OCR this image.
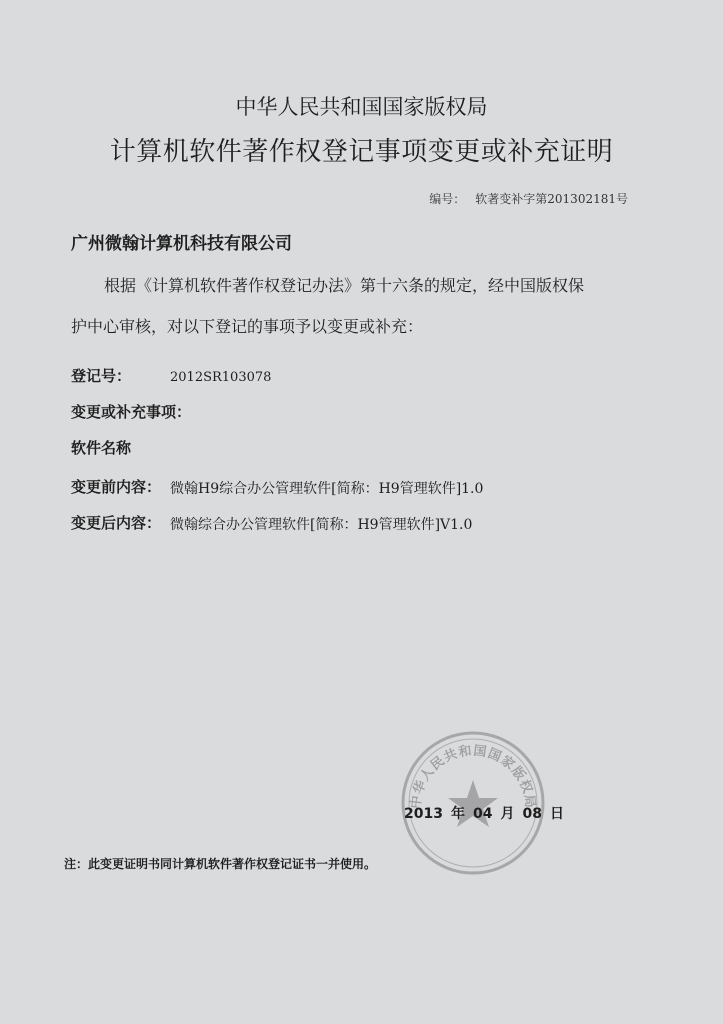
中华人民共和国国家版权局
计算机软件著作权登记事项变更或补充证明
编号： 软著变补字第201302181号
广州微翰计算机科技有限公司
根据《计算机软件著作权登记办法》第十六条的规定，经中国版权保
护中心审核，对以下登记的事项予以变更或补充：
登记号：	2012SR103078
变更或补充事项：
软件名称
变更前内容： 微翰H9综合办公管理软件[简称：H9管理软件]1.0
变更后内容： 微翰综合办公管理软件[简称：H9管理软件]V1.0
中华人民共和国国家版权局
2013 年 04 月 08 日
注：此变更证明书同计算机软件著作权登记证书一并使用。
